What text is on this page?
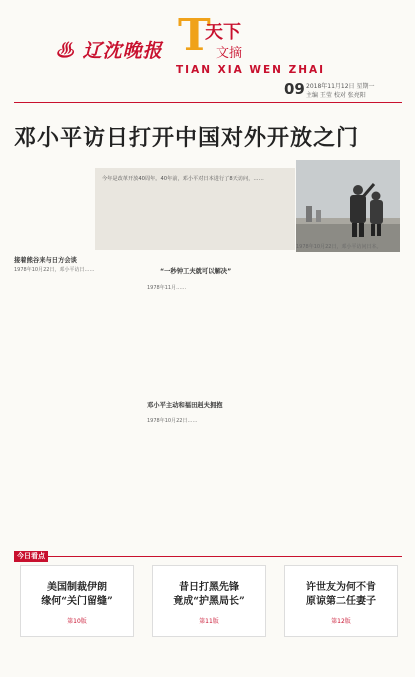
♨ 辽沈晚报 T
天下
文摘
TIAN XIA WEN ZHAI
09 2018年11月12日 星期一
主编 王莹 校对 张亮阳
邓小平访日打开中国对外开放之门
今年是改革开放40周年。40年前，邓小平对日本进行了8天访问，……
1978年10月22日，邓小平访问日本。
接着熊谷来与日方会谈
1978年10月22日，邓小平访日……	“一秒钟工夫就可以解决”
1978年11月……
邓小平主动和福田赳夫拥抱
1978年10月22日……
今日看点
美国制裁伊朗
缘何“关门留缝”
第10版
昔日打黑先锋
竟成“护黑局长”
第11版
许世友为何不肯
原谅第二任妻子
第12版
